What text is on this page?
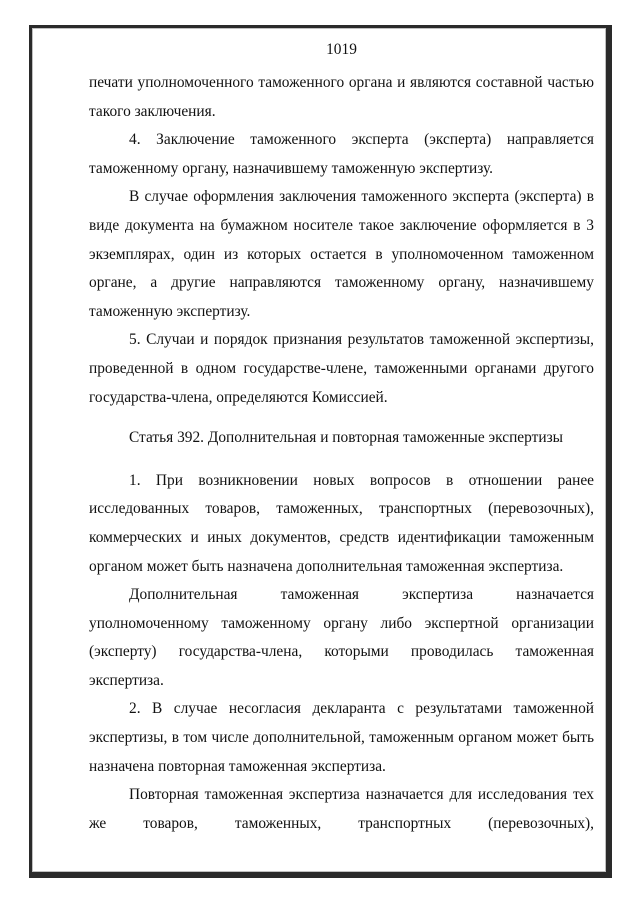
1019

печати уполномоченного таможенного органа и являются составной частью такого заключения.

4. Заключение таможенного эксперта (эксперта) направляется таможенному органу, назначившему таможенную экспертизу.

В случае оформления заключения таможенного эксперта (эксперта) в виде документа на бумажном носителе такое заключение оформляется в 3 экземплярах, один из которых остается в уполномоченном таможенном органе, а другие направляются таможенному органу, назначившему таможенную экспертизу.

5. Случаи и порядок признания результатов таможенной экспертизы, проведенной в одном государстве-члене, таможенными органами другого государства-члена, определяются Комиссией.

Статья 392. Дополнительная и повторная таможенные экспертизы

1. При возникновении новых вопросов в отношении ранее исследованных товаров, таможенных, транспортных (перевозочных), коммерческих и иных документов, средств идентификации таможенным органом может быть назначена дополнительная таможенная экспертиза.

Дополнительная таможенная экспертиза назначается уполномоченному таможенному органу либо экспертной организации (эксперту) государства-члена, которыми проводилась таможенная экспертиза.

2. В случае несогласия декларанта с результатами таможенной экспертизы, в том числе дополнительной, таможенным органом может быть назначена повторная таможенная экспертиза.

Повторная таможенная экспертиза назначается для исследования тех же товаров, таможенных, транспортных (перевозочных),
